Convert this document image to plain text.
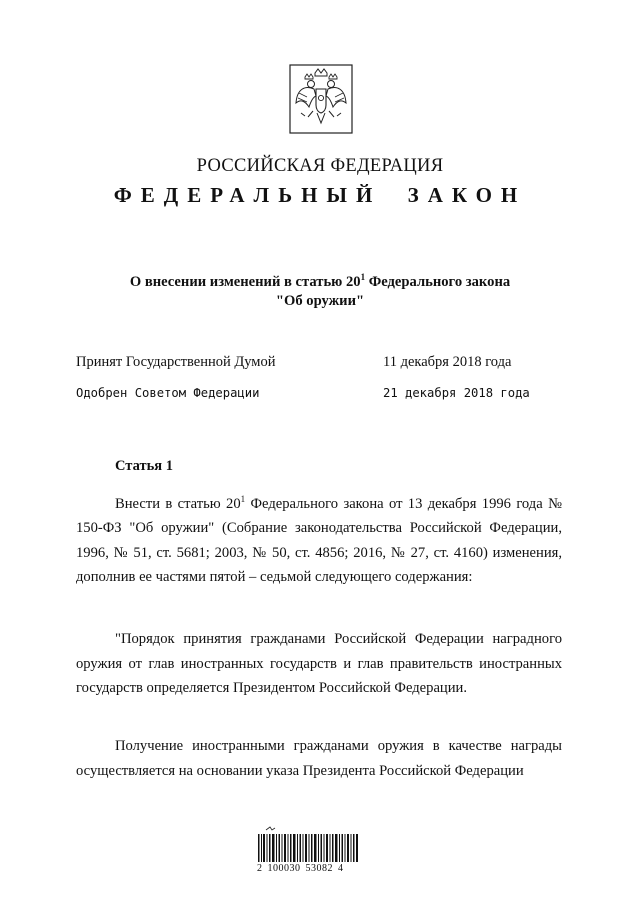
РОССИЙСКАЯ ФЕДЕРАЦИЯ
ФЕДЕРАЛЬНЫЙ ЗАКОН
О внесении изменений в статью $20^1$ Федерального закона
"Об оружии"
Принят Государственной Думой	11 декабря 2018 года
Одобрен Советом Федерации	21 декабря 2018 года
Статья 1

Внести в статью $20^1$ Федерального закона от 13 декабря 1996 года № 150-ФЗ "Об оружии" (Собрание законодательства Российской Федерации, 1996, № 51, ст. 5681; 2003, № 50, ст. 4856; 2016, № 27, ст. 4160) изменения, дополнив ее частями пятой – седьмой следующего содержания:

"Порядок принятия гражданами Российской Федерации наградного оружия от глав иностранных государств и глав правительств иностранных государств определяется Президентом Российской Федерации.

Получение иностранными гражданами оружия в качестве награды осуществляется на основании указа Президента Российской Федерации

2 100030 53082 4
